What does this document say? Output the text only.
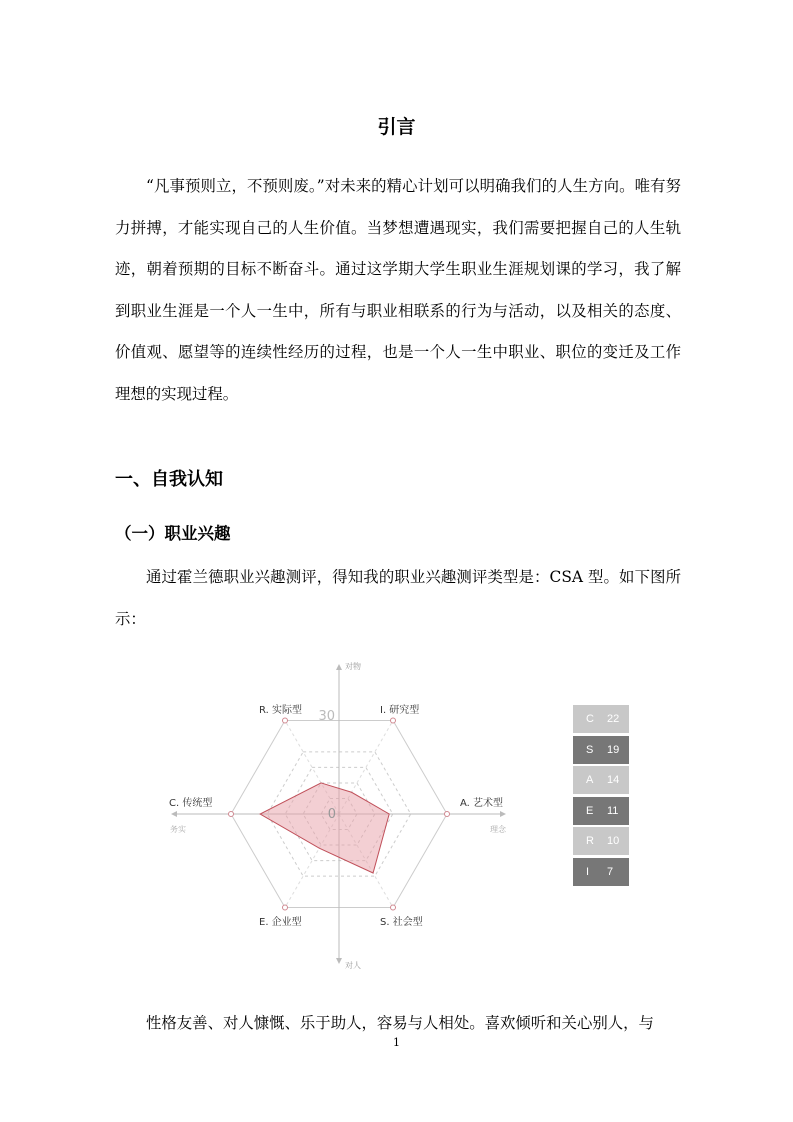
引言
“凡事预则立，不预则废。”对未来的精心计划可以明确我们的人生方向。唯有努力拼搏，才能实现自己的人生价值。当梦想遭遇现实，我们需要把握自己的人生轨迹，朝着预期的目标不断奋斗。通过这学期大学生职业生涯规划课的学习，我了解到职业生涯是一个人一生中，所有与职业相联系的行为与活动，以及相关的态度、价值观、愿望等的连续性经历的过程，也是一个人一生中职业、职位的变迁及工作理想的实现过程。
一、自我认知
（一）职业兴趣
通过霍兰德职业兴趣测评，得知我的职业兴趣测评类型是：CSA 型。如下图所示：
对物
对人
务实	理念
30
0
R. 实际型	I. 研究型
A. 艺术型
S. 社会型
E. 企业型
C. 传统型
C 22
S 19
A 14
E 11
R 10
I 7
性格友善、对人慷慨、乐于助人，容易与人相处。喜欢倾听和关心别人，与
1
